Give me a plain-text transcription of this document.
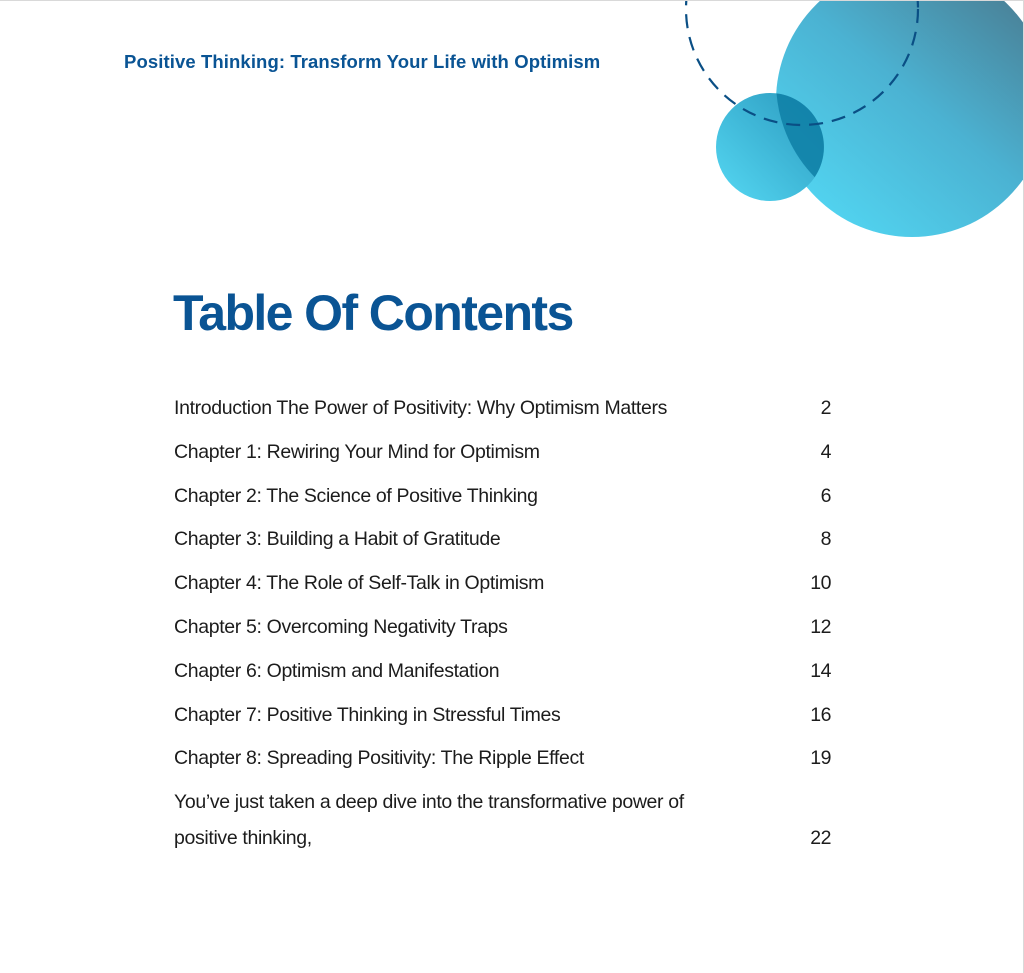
Positive Thinking: Transform Your Life with Optimism
Table Of Contents
Introduction The Power of Positivity: Why Optimism Matters	2
Chapter 1: Rewiring Your Mind for Optimism	4
Chapter 2: The Science of Positive Thinking	6
Chapter 3: Building a Habit of Gratitude	8
Chapter 4: The Role of Self-Talk in Optimism	10
Chapter 5: Overcoming Negativity Traps	12
Chapter 6: Optimism and Manifestation	14
Chapter 7: Positive Thinking in Stressful Times	16
Chapter 8: Spreading Positivity: The Ripple Effect	19
You’ve just taken a deep dive into the transformative power of positive thinking,	22
